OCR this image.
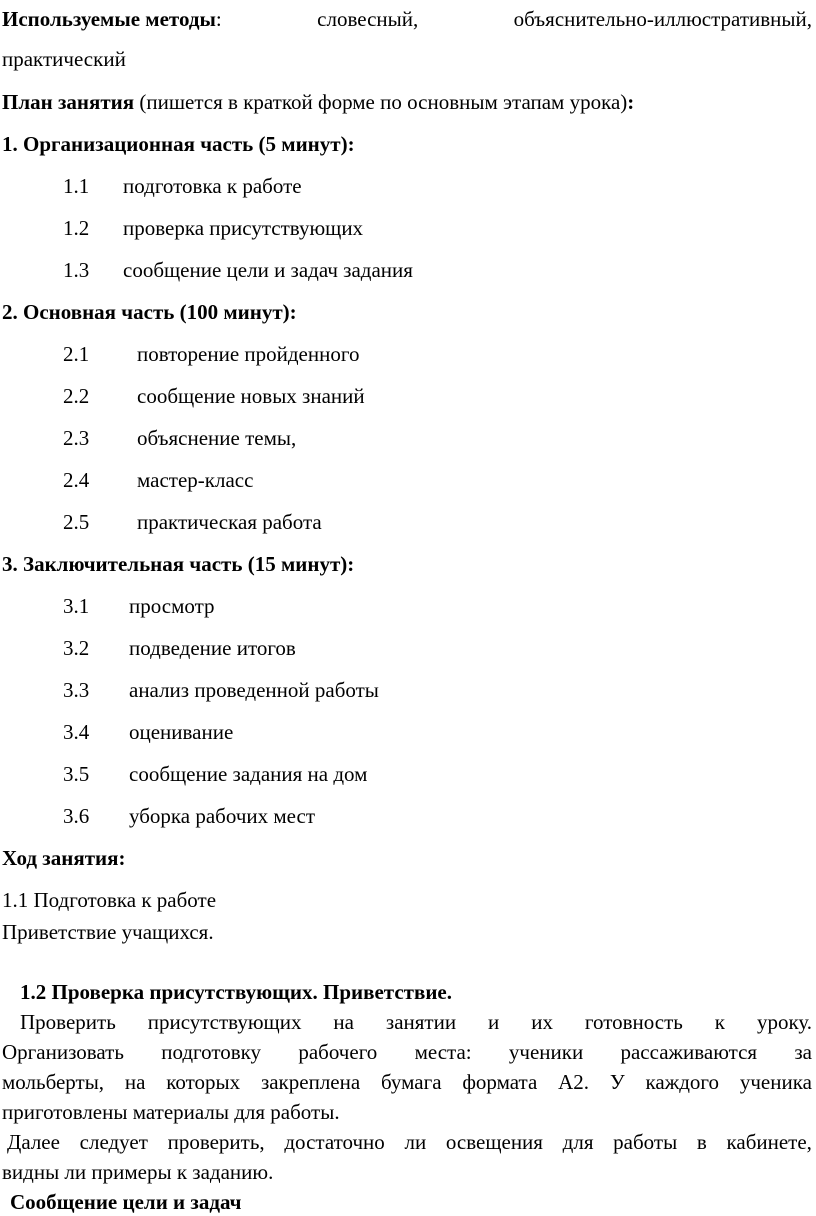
Используемые методы:	словесный,	объяснительно-иллюстративный,
практический
План занятия (пишется в краткой форме по основным этапам урока):
1. Организационная часть (5 минут):
1.1 подготовка к работе
1.2 проверка присутствующих
1.3 сообщение цели и задач задания
2. Основная часть (100 минут):
2.1 повторение пройденного
2.2 сообщение новых знаний
2.3 объяснение темы,
2.4 мастер-класс
2.5 практическая работа
3. Заключительная часть (15 минут):
3.1 просмотр
3.2 подведение итогов
3.3 анализ проведенной работы
3.4 оценивание
3.5 сообщение задания на дом
3.6 уборка рабочих мест
Ход занятия:
1.1 Подготовка к работе
Приветствие учащихся.
1.2 Проверка присутствующих. Приветствие.
Проверить присутствующих на занятии и их готовность к уроку.
Организовать подготовку рабочего места: ученики рассаживаются за
мольберты, на которых закреплена бумага формата А2. У каждого ученика
приготовлены материалы для работы.
Далее следует проверить, достаточно ли освещения для работы в кабинете,
видны ли примеры к заданию.
Сообщение цели и задач
